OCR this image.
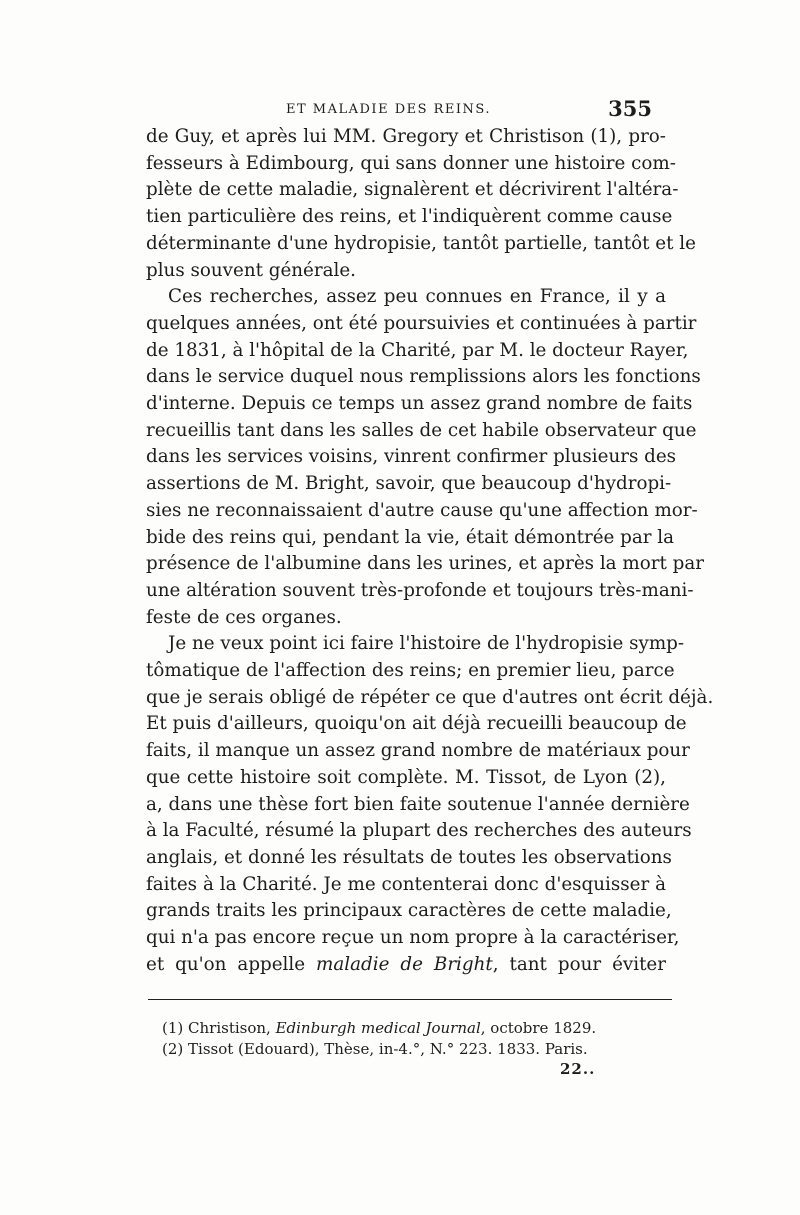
ET MALADIE DES REINS.	355

de Guy, et après lui MM. Gregory et Christison (1), pro-
fesseurs à Edimbourg, qui sans donner une histoire com-
plète de cette maladie, signalèrent et décrivirent l'altéra-
tien particulière des reins, et l'indiquèrent comme cause
déterminante d'une hydropisie, tantôt partielle, tantôt et le
plus souvent générale.

Ces recherches, assez peu connues en France, il y a
quelques années, ont été poursuivies et continuées à partir
de 1831, à l'hôpital de la Charité, par M. le docteur Rayer,
dans le service duquel nous remplissions alors les fonctions
d'interne. Depuis ce temps un assez grand nombre de faits
recueillis tant dans les salles de cet habile observateur que
dans les services voisins, vinrent confirmer plusieurs des
assertions de M. Bright, savoir, que beaucoup d'hydropi-
sies ne reconnaissaient d'autre cause qu'une affection mor-
bide des reins qui, pendant la vie, était démontrée par la
présence de l'albumine dans les urines, et après la mort par
une altération souvent très-profonde et toujours très-mani-
feste de ces organes.

Je ne veux point ici faire l'histoire de l'hydropisie symp-
tômatique de l'affection des reins; en premier lieu, parce
que je serais obligé de répéter ce que d'autres ont écrit déjà.
Et puis d'ailleurs, quoiqu'on ait déjà recueilli beaucoup de
faits, il manque un assez grand nombre de matériaux pour
que cette histoire soit complète. M. Tissot, de Lyon (2),
a, dans une thèse fort bien faite soutenue l'année dernière
à la Faculté, résumé la plupart des recherches des auteurs
anglais, et donné les résultats de toutes les observations
faites à la Charité. Je me contenterai donc d'esquisser à
grands traits les principaux caractères de cette maladie,
qui n'a pas encore reçue un nom propre à la caractériser,
et qu'on appelle maladie de Bright, tant pour éviter

(1) Christison, Edinburgh medical Journal, octobre 1829.
(2) Tissot (Edouard), Thèse, in-4.°, N.° 223. 1833. Paris.
22..
